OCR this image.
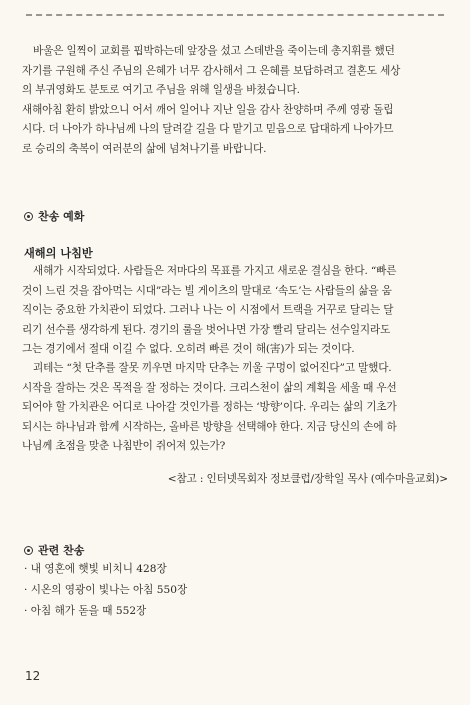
바울은 일찍이 교회를 핍박하는데 앞장을 섰고 스데반을 죽이는데 총지휘를 했던

자기를 구원해 주신 주님의 은혜가 너무 감사해서 그 은혜를 보답하려고 결혼도 세상

의 부귀영화도 분토로 여기고 주님을 위해 일생을 바쳤습니다.

새해아침 환히 밝았으니 어서 깨어 일어나 지난 일을 감사 찬양하며 주께 영광 돌립

시다. 더 나아가 하나님께 나의 달려갈 길을 다 맡기고 믿음으로 답대하게 나아가므

로 승리의 축복이 여러분의 삶에 넘쳐나기를 바랍니다.

찬송 예화
새해의 나침반

새해가 시작되었다. 사람들은 저마다의 목표를 가지고 새로운 결심을 한다. “빠른

것이 느린 것을 잡아먹는 시대”라는 빌 게이츠의 말대로 ‘속도’는 사람들의 삶을 움

직이는 중요한 가치관이 되었다. 그러나 나는 이 시점에서 트랙을 거꾸로 달리는 달

리기 선수를 생각하게 된다. 경기의 룰을 벗어나면 가장 빨리 달리는 선수일지라도

그는 경기에서 절대 이길 수 없다. 오히려 빠른 것이 해(害)가 되는 것이다.

괴테는 “첫 단추를 잘못 끼우면 마지막 단추는 끼울 구멍이 없어진다”고 말했다.

시작을 잘하는 것은 목적을 잘 정하는 것이다. 크리스천이 삶의 계획을 세울 때 우선

되어야 할 가치관은 어디로 나아갈 것인가를 정하는 ‘방향’이다. 우리는 삶의 기초가

되시는 하나님과 함께 시작하는, 올바른 방향을 선택해야 한다. 지금 당신의 손에 하

나님께 초점을 맞춘 나침반이 쥐어져 있는가?

<참고 : 인터넷목회자 정보클럽/장학일 목사 (예수마을교회)>
관련 찬송
· 내 영혼에 햇빛 비치니 428장
· 시온의 영광이 빛나는 아침 550장
· 아침 해가 돋을 때 552장
12
